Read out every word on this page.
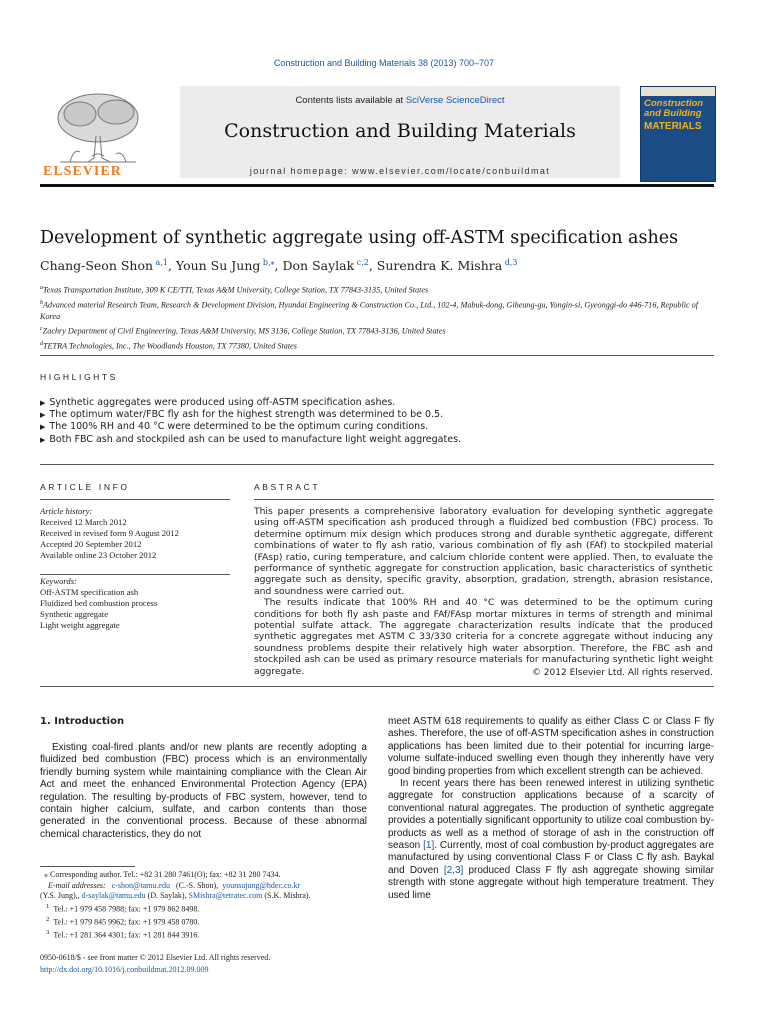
Construction and Building Materials 38 (2013) 700–707
Contents lists available at SciVerse ScienceDirect
Construction and Building Materials
journal homepage: www.elsevier.com/locate/conbuildmat
ELSEVIER
Construction and Building
MATERIALS
Development of synthetic aggregate using off-ASTM specification ashes
Chang-Seon Shon  $^{a,1}$, Youn Su Jung  $^{b,⁎}$, Don Saylak  $^{c,2}$, Surendra K. Mishra  $^{d,3}$
$^a$Texas Transportation Institute, 309 K CE/TTI, Texas A&M University, College Station, TX 77843-3135, United States
$^b$Advanced material Research Team, Research & Development Division, Hyundai Engineering & Construction Co., Ltd., 102-4, Mabuk-dong, Giheung-gu, Yongin-si, Gyeonggi-do 446-716, Republic of Korea
$^c$Zachry Department of Civil Engineering, Texas A&M University, MS 3136, College Station, TX 77843-3136, United States
$^d$TETRA Technologies, Inc., The Woodlands Houston, TX 77380, United States
HIGHLIGHTS
▶ Synthetic aggregates were produced using off-ASTM specification ashes.
▶ The optimum water/FBC fly ash for the highest strength was determined to be 0.5.
▶ The 100% RH and 40 °C were determined to be the optimum curing conditions.
▶ Both FBC ash and stockpiled ash can be used to manufacture light weight aggregates.
ARTICLE INFO
Article history:
Received 12 March 2012
Received in revised form 9 August 2012
Accepted 20 September 2012
Available online 23 October 2012
Keywords:
Off-ASTM specification ash
Fluidized bed combustion process
Synthetic aggregate
Light weight aggregate
ABSTRACT

This paper presents a comprehensive laboratory evaluation for developing synthetic aggregate using off-ASTM specification ash produced through a fluidized bed combustion (FBC) process. To determine optimum mix design which produces strong and durable synthetic aggregate, different combinations of water to fly ash ratio, various combination of fly ash (FAf) to stockpiled material (FAsp) ratio, curing temperature, and calcium chloride content were applied. Then, to evaluate the performance of synthetic aggregate for construction application, basic characteristics of synthetic aggregate such as density, specific gravity, absorption, gradation, strength, abrasion resistance, and soundness were carried out.

The results indicate that 100% RH and 40 °C was determined to be the optimum curing conditions for both fly ash paste and FAf/FAsp mortar mixtures in terms of strength and minimal potential sulfate attack. The aggregate characterization results indicate that the produced synthetic aggregates met ASTM C 33/330 criteria for a concrete aggregate without inducing any soundness problems despite their relatively high water absorption. Therefore, the FBC ash and stockpiled ash can be used as primary resource materials for manufacturing synthetic light weight aggregate.	© 2012 Elsevier Ltd. All rights reserved.
1. Introduction
Existing coal-fired plants and/or new plants are recently adopting a fluidized bed combustion (FBC) process which is an environmentally friendly burning system while maintaining compliance with the Clean Air Act and meet the enhanced Environmental Protection Agency (EPA) regulation. The resulting by-products of FBC system, however, tend to contain higher calcium, sulfate, and carbon contents than those generated in the conventional process. Because of these abnormal chemical characteristics, they do not

meet ASTM 618 requirements to qualify as either Class C or Class F fly ashes. Therefore, the use of off-ASTM specification ashes in construction applications has been limited due to their potential for incurring large-volume sulfate-induced swelling even though they inherently have very good binding properties from which excellent strength can be achieved.

In recent years there has been renewed interest in utilizing synthetic aggregate for construction applications because of a scarcity of conventional natural aggregates. The production of synthetic aggregate provides a potentially significant opportunity to utilize coal combustion by-products as well as a method of storage of ash in the construction off season [1]. Currently, most of coal combustion by-product aggregates are manufactured by using conventional Class F or Class C fly ash. Baykal and Doven [2,3] produced Class F fly ash aggregate showing similar strength with stone aggregate without high temperature treatment. They used lime

⁎ Corresponding author. Tel.: +82 31 280 7461(O); fax: +82 31 280 7434.
E-mail addresses: c-shon@tamu.edu (C.-S. Shon), younsujung@hdec.co.kr
(Y.S. Jung),, d-saylak@tamu.edu (D. Saylak), SMishra@tetratec.com (S.K. Mishra).
$^1$ Tel.: +1 979 458 7988; fax: +1 979 862 8498.
$^2$ Tel.: +1 979 845 9962; fax: +1 979 458 0780.
$^3$ Tel.: +1 281 364 4301; fax: +1 281 844 3916.
0950-0618/$ - see front matter © 2012 Elsevier Ltd. All rights reserved.
http://dx.doi.org/10.1016/j.conbuildmat.2012.09.009
